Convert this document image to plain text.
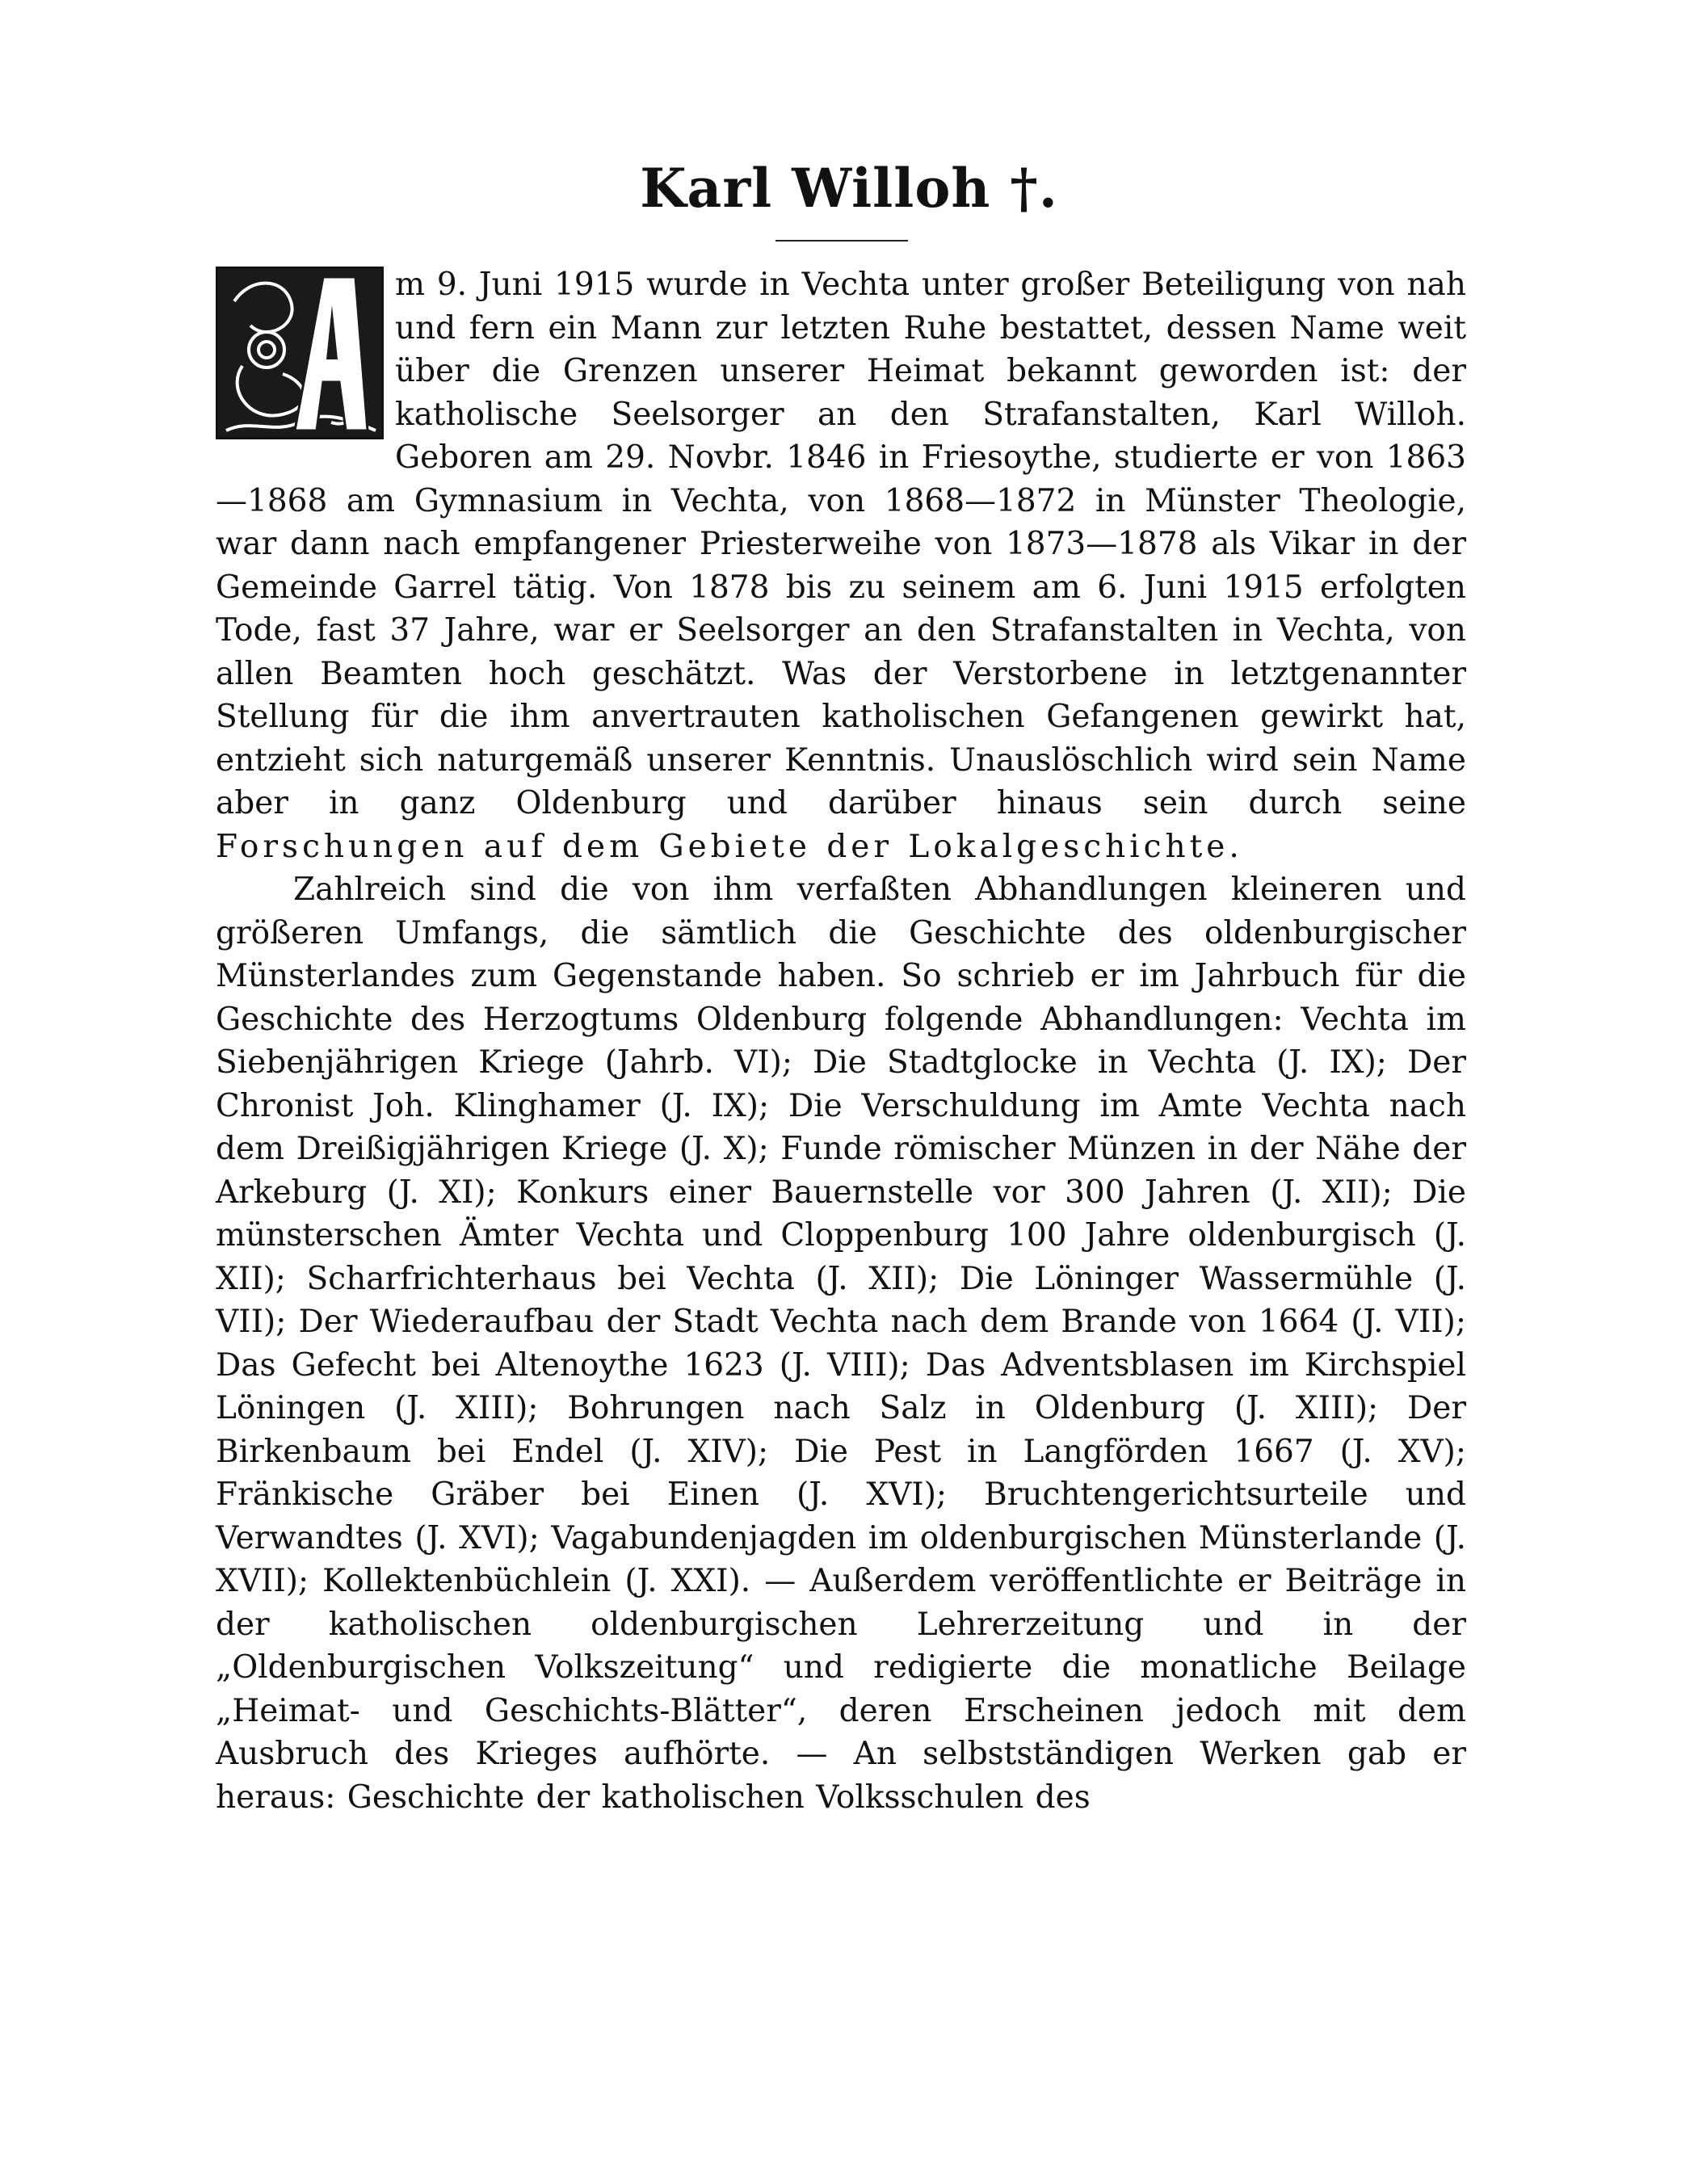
Karl Willoh †.

m 9. Juni 1915 wurde in Vechta unter großer Beteiligung von nah und fern ein Mann zur letzten Ruhe bestattet, dessen Name weit über die Grenzen unserer Heimat bekannt geworden ist: der katholische Seelsorger an den Strafanstalten, Karl Willoh. Geboren am 29. Novbr. 1846 in Friesoythe, studierte er von 1863—1868 am Gymnasium in Vechta, von 1868—1872 in Münster Theologie, war dann nach empfangener Priesterweihe von 1873—1878 als Vikar in der Gemeinde Garrel tätig. Von 1878 bis zu seinem am 6. Juni 1915 erfolgten Tode, fast 37 Jahre, war er Seelsorger an den Strafanstalten in Vechta, von allen Beamten hoch geschätzt. Was der Verstorbene in letztgenannter Stellung für die ihm anvertrauten katholischen Gefangenen gewirkt hat, entzieht sich naturgemäß unserer Kenntnis. Unauslöschlich wird sein Name aber in ganz Oldenburg und darüber hinaus sein durch seine Forschungen auf dem Gebiete der Lokalgeschichte.

Zahlreich sind die von ihm verfaßten Abhandlungen kleineren und größeren Umfangs, die sämtlich die Geschichte des oldenburgischer Münsterlandes zum Gegenstande haben. So schrieb er im Jahrbuch für die Geschichte des Herzogtums Oldenburg folgende Abhandlungen: Vechta im Siebenjährigen Kriege (Jahrb. VI); Die Stadtglocke in Vechta (J. IX); Der Chronist Joh. Klinghamer (J. IX); Die Verschuldung im Amte Vechta nach dem Dreißigjährigen Kriege (J. X); Funde römischer Münzen in der Nähe der Arkeburg (J. XI); Konkurs einer Bauernstelle vor 300 Jahren (J. XII); Die münsterschen Ämter Vechta und Cloppenburg 100 Jahre oldenburgisch (J. XII); Scharfrichterhaus bei Vechta (J. XII); Die Löninger Wassermühle (J. VII); Der Wiederaufbau der Stadt Vechta nach dem Brande von 1664 (J. VII); Das Gefecht bei Altenoythe 1623 (J. VIII); Das Adventsblasen im Kirchspiel Löningen (J. XIII); Bohrungen nach Salz in Oldenburg (J. XIII); Der Birkenbaum bei Endel (J. XIV); Die Pest in Langförden 1667 (J. XV); Fränkische Gräber bei Einen (J. XVI); Bruchtengerichtsurteile und Verwandtes (J. XVI); Vagabundenjagden im oldenburgischen Münsterlande (J. XVII); Kollektenbüchlein (J. XXI). — Außerdem veröffentlichte er Beiträge in der katholischen oldenburgischen Lehrerzeitung und in der „Oldenburgischen Volkszeitung“ und redigierte die monatliche Beilage „Heimat- und Geschichts-Blätter“, deren Erscheinen jedoch mit dem Ausbruch des Krieges aufhörte. — An selbstständigen Werken gab er heraus: Geschichte der katholischen Volksschulen des
